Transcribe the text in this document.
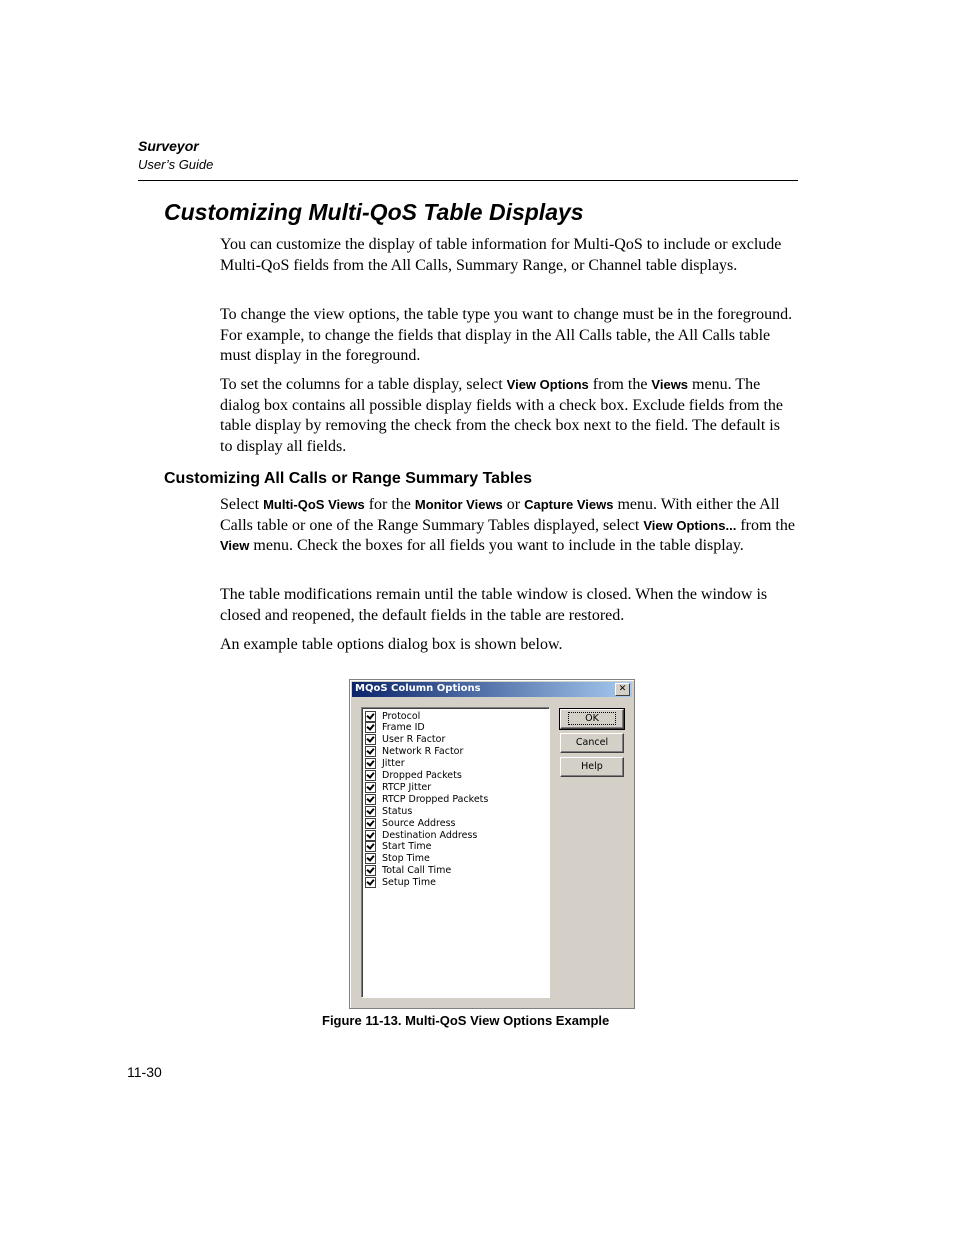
Surveyor
User’s Guide
Customizing Multi-QoS Table Displays

You can customize the display of table information for Multi-QoS to include or exclude Multi-QoS fields from the All Calls, Summary Range, or Channel table displays.

To change the view options, the table type you want to change must be in the foreground. For example, to change the fields that display in the All Calls table, the All Calls table must display in the foreground.

To set the columns for a table display, select View Options from the Views menu. The dialog box contains all possible display fields with a check box. Exclude fields from the table display by removing the check from the check box next to the field. The default is to display all fields.

Customizing All Calls or Range Summary Tables

Select Multi-QoS Views for the Monitor Views or Capture Views menu. With either the All Calls table or one of the Range Summary Tables displayed, select View Options... from the View menu. Check the boxes for all fields you want to include in the table display.

The table modifications remain until the table window is closed. When the window is closed and reopened, the default fields in the table are restored.

An example table options dialog box is shown below.

MQoS Column Options	✕
Protocol
Frame ID
User R Factor
Network R Factor
Jitter
Dropped Packets
RTCP Jitter
RTCP Dropped Packets
Status
Source Address
Destination Address
Start Time
Stop Time
Total Call Time
Setup Time
OK
Cancel
Help
Figure 11-13. Multi-QoS View Options Example
11-30
